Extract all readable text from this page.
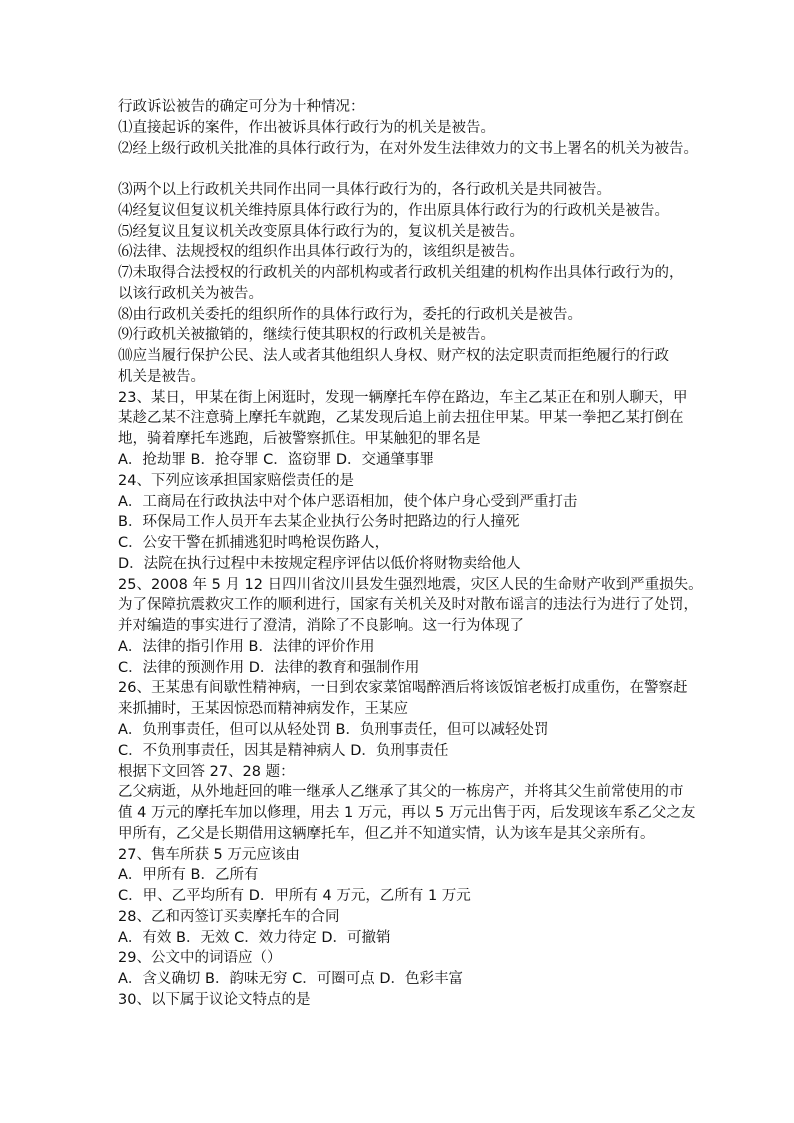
行政诉讼被告的确定可分为十种情况：
⑴直接起诉的案件，作出被诉具体行政行为的机关是被告。
⑵经上级行政机关批准的具体行政行为，在对外发生法律效力的文书上署名的机关为被告。
⑶两个以上行政机关共同作出同一具体行政行为的，各行政机关是共同被告。
⑷经复议但复议机关维持原具体行政行为的，作出原具体行政行为的行政机关是被告。
⑸经复议且复议机关改变原具体行政行为的，复议机关是被告。
⑹法律、法规授权的组织作出具体行政行为的，该组织是被告。
⑺未取得合法授权的行政机关的内部机构或者行政机关组建的机构作出具体行政行为的，
以该行政机关为被告。
⑻由行政机关委托的组织所作的具体行政行为，委托的行政机关是被告。
⑼行政机关被撤销的，继续行使其职权的行政机关是被告。
⑽应当履行保护公民、法人或者其他组织人身权、财产权的法定职责而拒绝履行的行政
机关是被告。
23、某日，甲某在街上闲逛时，发现一辆摩托车停在路边，车主乙某正在和别人聊天，甲
某趁乙某不注意骑上摩托车就跑，乙某发现后追上前去扭住甲某。甲某一拳把乙某打倒在
地，骑着摩托车逃跑，后被警察抓住。甲某触犯的罪名是
A．抢劫罪 B．抢夺罪 C．盗窃罪 D．交通肇事罪
24、下列应该承担国家赔偿责任的是
A．工商局在行政执法中对个体户恶语相加，使个体户身心受到严重打击
B．环保局工作人员开车去某企业执行公务时把路边的行人撞死
C．公安干警在抓捕逃犯时鸣枪误伤路人，
D．法院在执行过程中未按规定程序评估以低价将财物卖给他人
25、2008 年 5 月 12 日四川省汶川县发生强烈地震，灾区人民的生命财产收到严重损失。
为了保障抗震救灾工作的顺利进行，国家有关机关及时对散布谣言的违法行为进行了处罚，
并对编造的事实进行了澄清，消除了不良影响。这一行为体现了
A．法律的指引作用 B．法律的评价作用
C．法律的预测作用 D．法律的教育和强制作用
26、王某患有间歇性精神病，一日到农家菜馆喝醉酒后将该饭馆老板打成重伤，在警察赶
来抓捕时，王某因惊恐而精神病发作，王某应
A．负刑事责任，但可以从轻处罚 B．负刑事责任，但可以减轻处罚
C．不负刑事责任，因其是精神病人 D．负刑事责任
根据下文回答 27、28 题：
乙父病逝，从外地赶回的唯一继承人乙继承了其父的一栋房产，并将其父生前常使用的市
值 4 万元的摩托车加以修理，用去 1 万元，再以 5 万元出售于丙，后发现该车系乙父之友
甲所有，乙父是长期借用这辆摩托车，但乙并不知道实情，认为该车是其父亲所有。
27、售车所获 5 万元应该由
A．甲所有 B．乙所有
C．甲、乙平均所有 D．甲所有 4 万元，乙所有 1 万元
28、乙和丙签订买卖摩托车的合同
A．有效 B．无效 C．效力待定 D．可撤销
29、公文中的词语应（）
A．含义确切 B．韵味无穷 C．可圈可点 D．色彩丰富
30、以下属于议论文特点的是
